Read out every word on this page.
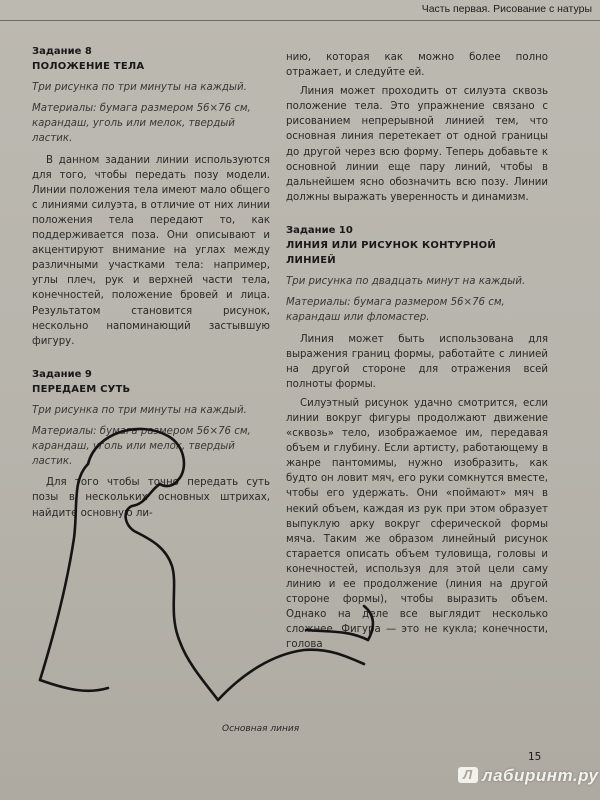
Часть первая. Рисование с натуры

Задание 8

ПОЛОЖЕНИЕ ТЕЛА

Три рисунка по три минуты на каждый.

Материалы: бумага размером 56×76 см, карандаш, уголь или мелок, твердый ластик.

В данном задании линии используются для того, чтобы передать позу модели. Линии положения тела имеют мало общего с линиями силуэта, в отличие от них линии положения тела передают то, как поддерживается поза. Они описывают и акцентируют внимание на углах между различными участками тела: например, углы плеч, рук и верхней части тела, конечностей, положение бровей и лица. Результатом становится рисунок, нескольно напоминающий застывшую фигуру.

Задание 9

ПЕРЕДАЕМ СУТЬ

Три рисунка по три минуты на каждый.

Материалы: бумага размером 56×76 см, карандаш, уголь или мелок, твердый ластик.

Для того чтобы точно передать суть позы в нескольких основных штрихах, найдите основную ли-

нию, которая как можно более полно отражает, и следуйте ей.

Линия может проходить от силуэта сквозь положение тела. Это упражнение связано с рисованием непрерывной линией тем, что основная линия перетекает от одной границы до другой через всю форму. Теперь добавьте к основной линии еще пару линий, чтобы в дальнейшем ясно обозначить всю позу. Линии должны выражать уверенность и динамизм.

Задание 10

ЛИНИЯ ИЛИ РИСУНОК КОНТУРНОЙ ЛИНИЕЙ

Три рисунка по двадцать минут на каждый.

Материалы: бумага размером 56×76 см, карандаш или фломастер.

Линия может быть использована для выражения границ формы, работайте с линией на другой стороне для отражения всей полноты формы.

Силуэтный рисунок удачно смотрится, если линии вокруг фигуры продолжают движение «сквозь» тело, изображаемое им, передавая объем и глубину. Если артисту, работающему в жанре пантомимы, нужно изобразить, как будто он ловит мяч, его руки сомкнутся вместе, чтобы его удержать. Они «поймают» мяч в некий объем, каждая из рук при этом образует выпуклую арку вокруг сферической формы мяча. Таким же образом линейный рисунок старается описать объем туловища, головы и конечностей, используя для этой цели саму линию и ее продолжение (линия на другой стороне формы), чтобы выразить объем. Однако на деле все выглядит несколько сложнее. Фигура — это не кукла; конечности, голова

Основная линия
15
Л лабиринт.ру
